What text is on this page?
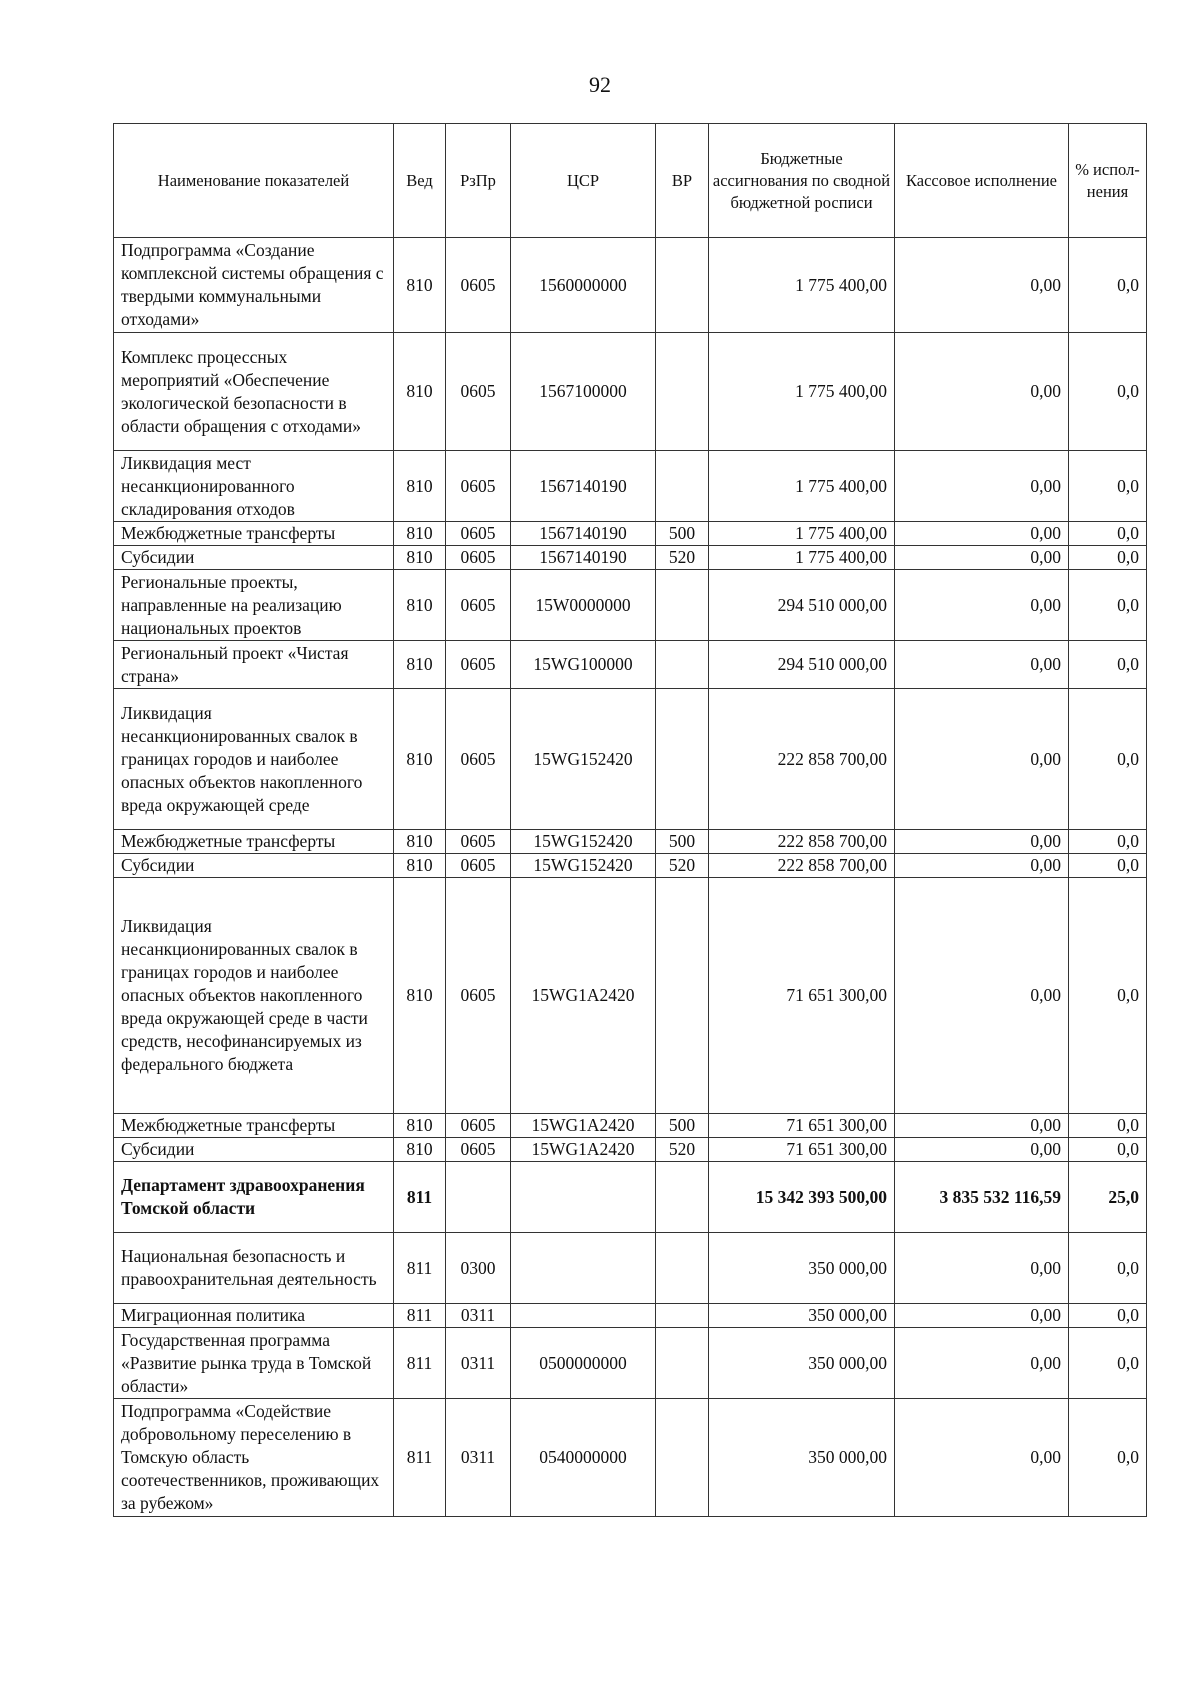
92
Наименование показателей	Вед	РзПр	ЦСР	ВР	Бюджетные ассигнования по сводной бюджетной росписи	Кассовое исполнение	% испол-нения
Подпрограмма «Создание комплексной системы обращения с твердыми коммунальными отходами»	810	0605	1560000000		1 775 400,00	0,00	0,0
Комплекс процессных мероприятий «Обеспечение экологической безопасности в области обращения с отходами»	810	0605	1567100000		1 775 400,00	0,00	0,0
Ликвидация мест несанкционированного складирования отходов	810	0605	1567140190		1 775 400,00	0,00	0,0
Межбюджетные трансферты	810	0605	1567140190	500	1 775 400,00	0,00	0,0
Субсидии	810	0605	1567140190	520	1 775 400,00	0,00	0,0
Региональные проекты, направленные на реализацию национальных проектов	810	0605	15W0000000		294 510 000,00	0,00	0,0
Региональный проект «Чистая страна»	810	0605	15WG100000		294 510 000,00	0,00	0,0
Ликвидация несанкционированных свалок в границах городов и наиболее опасных объектов накопленного вреда окружающей среде	810	0605	15WG152420		222 858 700,00	0,00	0,0
Межбюджетные трансферты	810	0605	15WG152420	500	222 858 700,00	0,00	0,0
Субсидии	810	0605	15WG152420	520	222 858 700,00	0,00	0,0
Ликвидация несанкционированных свалок в границах городов и наиболее опасных объектов накопленного вреда окружающей среде в части средств, несофинансируемых из федерального бюджета	810	0605	15WG1A2420		71 651 300,00	0,00	0,0
Межбюджетные трансферты	810	0605	15WG1A2420	500	71 651 300,00	0,00	0,0
Субсидии	810	0605	15WG1A2420	520	71 651 300,00	0,00	0,0
Департамент здравоохранения Томской области	811				15 342 393 500,00	3 835 532 116,59	25,0
Национальная безопасность и правоохранительная деятельность	811	0300			350 000,00	0,00	0,0
Миграционная политика	811	0311			350 000,00	0,00	0,0
Государственная программа «Развитие рынка труда в Томской области»	811	0311	0500000000		350 000,00	0,00	0,0
Подпрограмма «Содействие добровольному переселению в Томскую область соотечественников, проживающих за рубежом»	811	0311	0540000000		350 000,00	0,00	0,0
